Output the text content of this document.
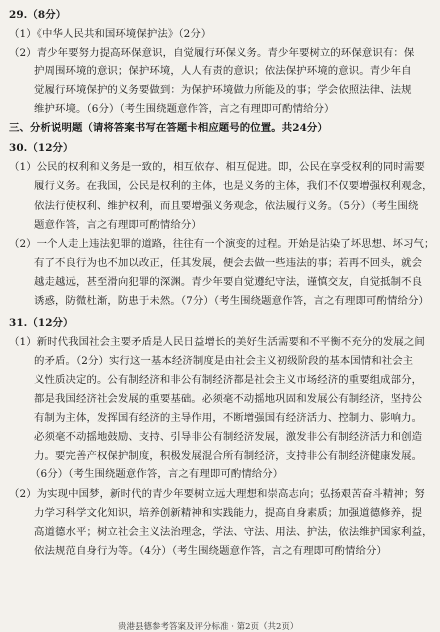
29.（8分）
（1）《中华人民共和国环境保护法》（2分）
（2）青少年要努力提高环保意识，自觉履行环保义务。青少年要树立的环保意识有：保
护周围环境的意识；保护环境，人人有责的意识；依法保护环境的意识。青少年自
觉履行环境保护的义务要做到：为保护环境做力所能及的事；学会依照法律、法规
维护环境。（6分）（考生围绕题意作答，言之有理即可酌情给分）
三、分析说明题（请将答案书写在答题卡相应题号的位置。共24分）
30.（12分）
（1）公民的权利和义务是一致的，相互依存、相互促进。即，公民在享受权利的同时需要
履行义务。在我国，公民是权利的主体，也是义务的主体，我们不仅要增强权利观念，
依法行使权利、维护权利，而且要增强义务观念，依法履行义务。（5分）（考生围绕
题意作答，言之有理即可酌情给分）
（2）一个人走上违法犯罪的道路，往往有一个演变的过程。开始是沾染了坏思想、坏习气；
有了不良行为也不加以改正，任其发展，便会去做一些违法的事；若再不回头，就会
越走越远，甚至滑向犯罪的深渊。青少年要自觉遵纪守法，谨慎交友，自觉抵制不良
诱惑，防微杜渐，防患于未然。（7分）（考生围绕题意作答，言之有理即可酌情给分）
31.（12分）
（1）新时代我国社会主要矛盾是人民日益增长的美好生活需要和不平衡不充分的发展之间
的矛盾。（2分）实行这一基本经济制度是由社会主义初级阶段的基本国情和社会主
义性质决定的。公有制经济和非公有制经济都是社会主义市场经济的重要组成部分，
都是我国经济社会发展的重要基础。必须毫不动摇地巩固和发展公有制经济，坚持公
有制为主体，发挥国有经济的主导作用，不断增强国有经济活力、控制力、影响力。
必须毫不动摇地鼓励、支持、引导非公有制经济发展，激发非公有制经济活力和创造
力。要完善产权保护制度，积极发展混合所有制经济，支持非公有制经济健康发展。
（6分）（考生围绕题意作答，言之有理即可酌情给分）
（2）为实现中国梦，新时代的青少年要树立远大理想和崇高志向；弘扬艰苦奋斗精神；努
力学习科学文化知识，培养创新精神和实践能力，提高自身素质；加强道德修养，提
高道德水平；树立社会主义法治理念，学法、守法、用法、护法，依法维护国家利益，
依法规范自身行为等。（4分）（考生围绕题意作答，言之有理即可酌情给分）
贵港县德参考答案及评分标准 · 第2页（共2页）
